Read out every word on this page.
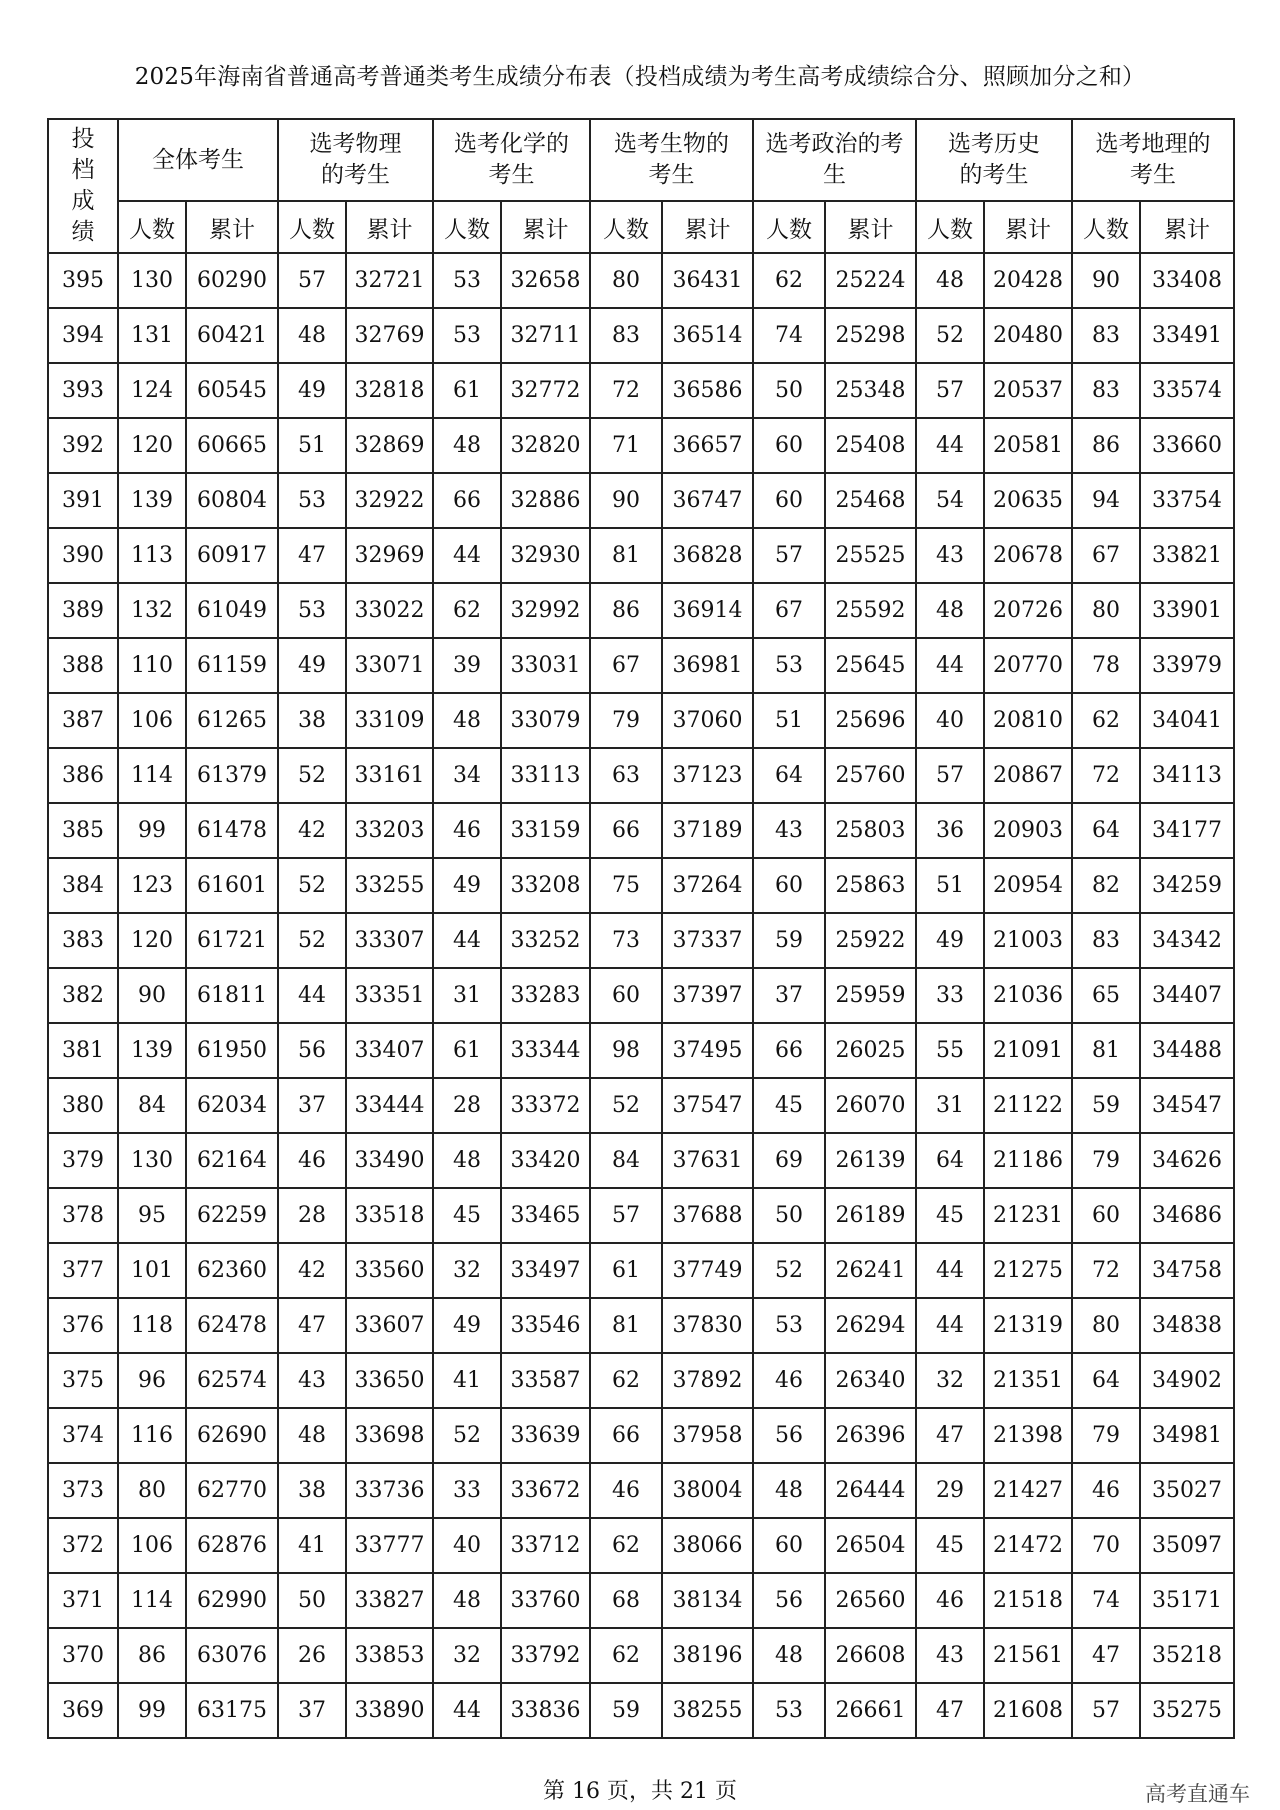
2025年海南省普通高考普通类考生成绩分布表（投档成绩为考生高考成绩综合分、照顾加分之和）
投档成绩	全体考生		选考物理的考生		选考化学的考生		选考生物的考生		选考政治的考生		选考历史的考生		选考地理的考生	
	人数	累计	人数	累计	人数	累计	人数	累计	人数	累计	人数	累计	人数	累计
395	130	60290	57	32721	53	32658	80	36431	62	25224	48	20428	90	33408
394	131	60421	48	32769	53	32711	83	36514	74	25298	52	20480	83	33491
393	124	60545	49	32818	61	32772	72	36586	50	25348	57	20537	83	33574
392	120	60665	51	32869	48	32820	71	36657	60	25408	44	20581	86	33660
391	139	60804	53	32922	66	32886	90	36747	60	25468	54	20635	94	33754
390	113	60917	47	32969	44	32930	81	36828	57	25525	43	20678	67	33821
389	132	61049	53	33022	62	32992	86	36914	67	25592	48	20726	80	33901
388	110	61159	49	33071	39	33031	67	36981	53	25645	44	20770	78	33979
387	106	61265	38	33109	48	33079	79	37060	51	25696	40	20810	62	34041
386	114	61379	52	33161	34	33113	63	37123	64	25760	57	20867	72	34113
385	99	61478	42	33203	46	33159	66	37189	43	25803	36	20903	64	34177
384	123	61601	52	33255	49	33208	75	37264	60	25863	51	20954	82	34259
383	120	61721	52	33307	44	33252	73	37337	59	25922	49	21003	83	34342
382	90	61811	44	33351	31	33283	60	37397	37	25959	33	21036	65	34407
381	139	61950	56	33407	61	33344	98	37495	66	26025	55	21091	81	34488
380	84	62034	37	33444	28	33372	52	37547	45	26070	31	21122	59	34547
379	130	62164	46	33490	48	33420	84	37631	69	26139	64	21186	79	34626
378	95	62259	28	33518	45	33465	57	37688	50	26189	45	21231	60	34686
377	101	62360	42	33560	32	33497	61	37749	52	26241	44	21275	72	34758
376	118	62478	47	33607	49	33546	81	37830	53	26294	44	21319	80	34838
375	96	62574	43	33650	41	33587	62	37892	46	26340	32	21351	64	34902
374	116	62690	48	33698	52	33639	66	37958	56	26396	47	21398	79	34981
373	80	62770	38	33736	33	33672	46	38004	48	26444	29	21427	46	35027
372	106	62876	41	33777	40	33712	62	38066	60	26504	45	21472	70	35097
371	114	62990	50	33827	48	33760	68	38134	56	26560	46	21518	74	35171
370	86	63076	26	33853	32	33792	62	38196	48	26608	43	21561	47	35218
369	99	63175	37	33890	44	33836	59	38255	53	26661	47	21608	57	35275
第 16 页，共 21 页	高考直通车
